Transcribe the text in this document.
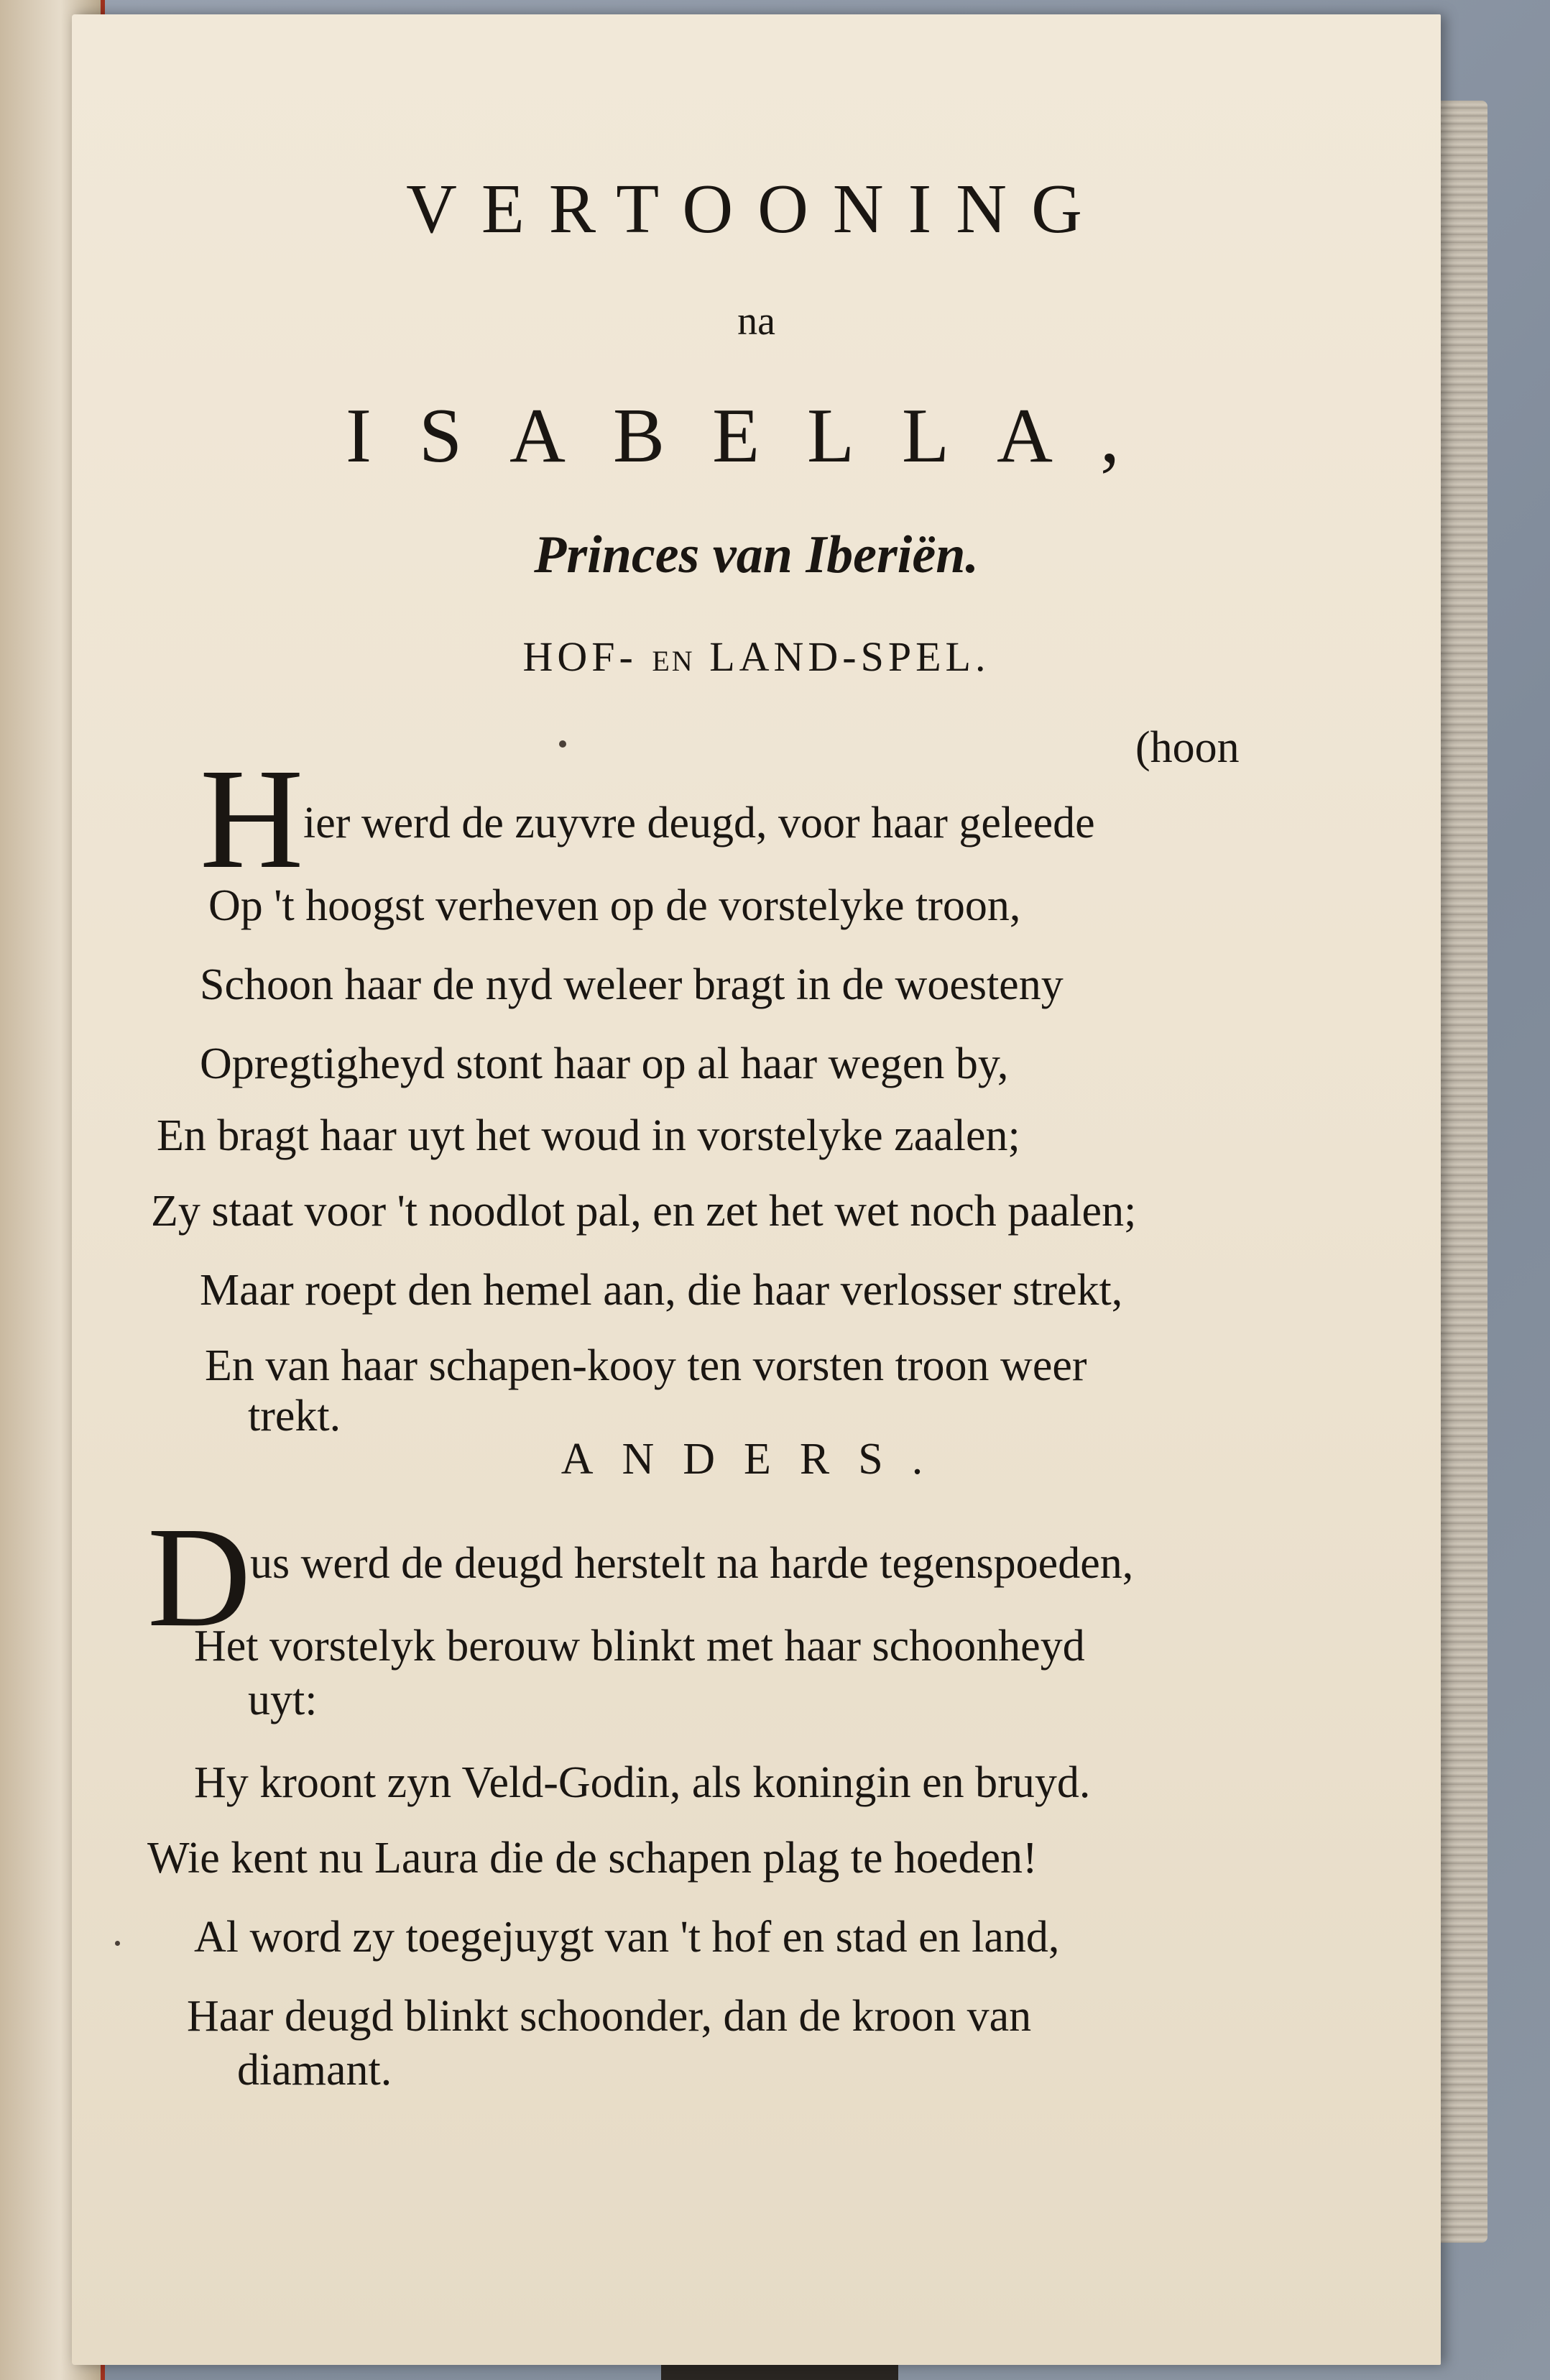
VERTOONING
na
ISABELLA,
Princes van Iberiën.
HOF- EN LAND-SPEL.
(hoon
H ier werd de zuyvre deugd, voor haar geleede
Op 't hoogst verheven op de vorstelyke troon,
Schoon haar de nyd weleer bragt in de woesteny
Opregtigheyd stont haar op al haar wegen by,
En bragt haar uyt het woud in vorstelyke zaalen;
Zy staat voor 't noodlot pal, en zet het wet noch paalen;
Maar roept den hemel aan, die haar verlosser strekt,
En van haar schapen-kooy ten vorsten troon weer
trekt.
ANDERS.
D
us werd de deugd herstelt na harde tegenspoeden,
Het vorstelyk berouw blinkt met haar schoonheyd
uyt:
Hy kroont zyn Veld-Godin, als koningin en bruyd.
Wie kent nu Laura die de schapen plag te hoeden!
Al word zy toegejuygt van 't hof en stad en land,
Haar deugd blinkt schoonder, dan de kroon van
diamant.
